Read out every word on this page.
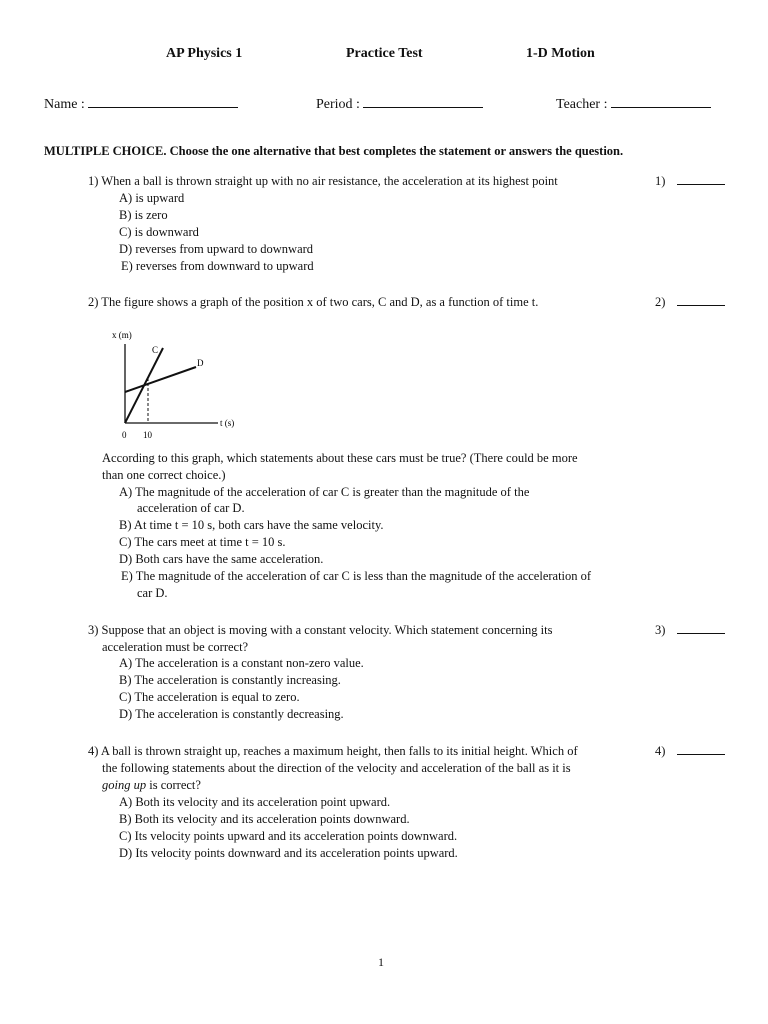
AP Physics 1	Practice Test	1-D Motion
Name :	Period :	Teacher :
MULTIPLE CHOICE. Choose the one alternative that best completes the statement or answers the question.
1) When a ball is thrown straight up with no air resistance, the acceleration at its highest point
A) is upward
B) is zero
C) is downward
D) reverses from upward to downward
E) reverses from downward to upward
1)
2) The figure shows a graph of the position x of two cars, C and D, as a function of time t.	2)
x (m)
t (s)
C
D
0 10
According to this graph, which statements about these cars must be true? (There could be more
than one correct choice.)
A) The magnitude of the acceleration of car C is greater than the magnitude of the
acceleration of car D.
B) At time t = 10 s, both cars have the same velocity.
C) The cars meet at time t = 10 s.
D) Both cars have the same acceleration.
E) The magnitude of the acceleration of car C is less than the magnitude of the acceleration of
car D.
3) Suppose that an object is moving with a constant velocity. Which statement concerning its
acceleration must be correct?
A) The acceleration is a constant non-zero value.
B) The acceleration is constantly increasing.
C) The acceleration is equal to zero.
D) The acceleration is constantly decreasing.
3)
4) A ball is thrown straight up, reaches a maximum height, then falls to its initial height. Which of
the following statements about the direction of the velocity and acceleration of the ball as it is
going up is correct?
A) Both its velocity and its acceleration point upward.
B) Both its velocity and its acceleration points downward.
C) Its velocity points upward and its acceleration points downward.
D) Its velocity points downward and its acceleration points upward.
4)
1
